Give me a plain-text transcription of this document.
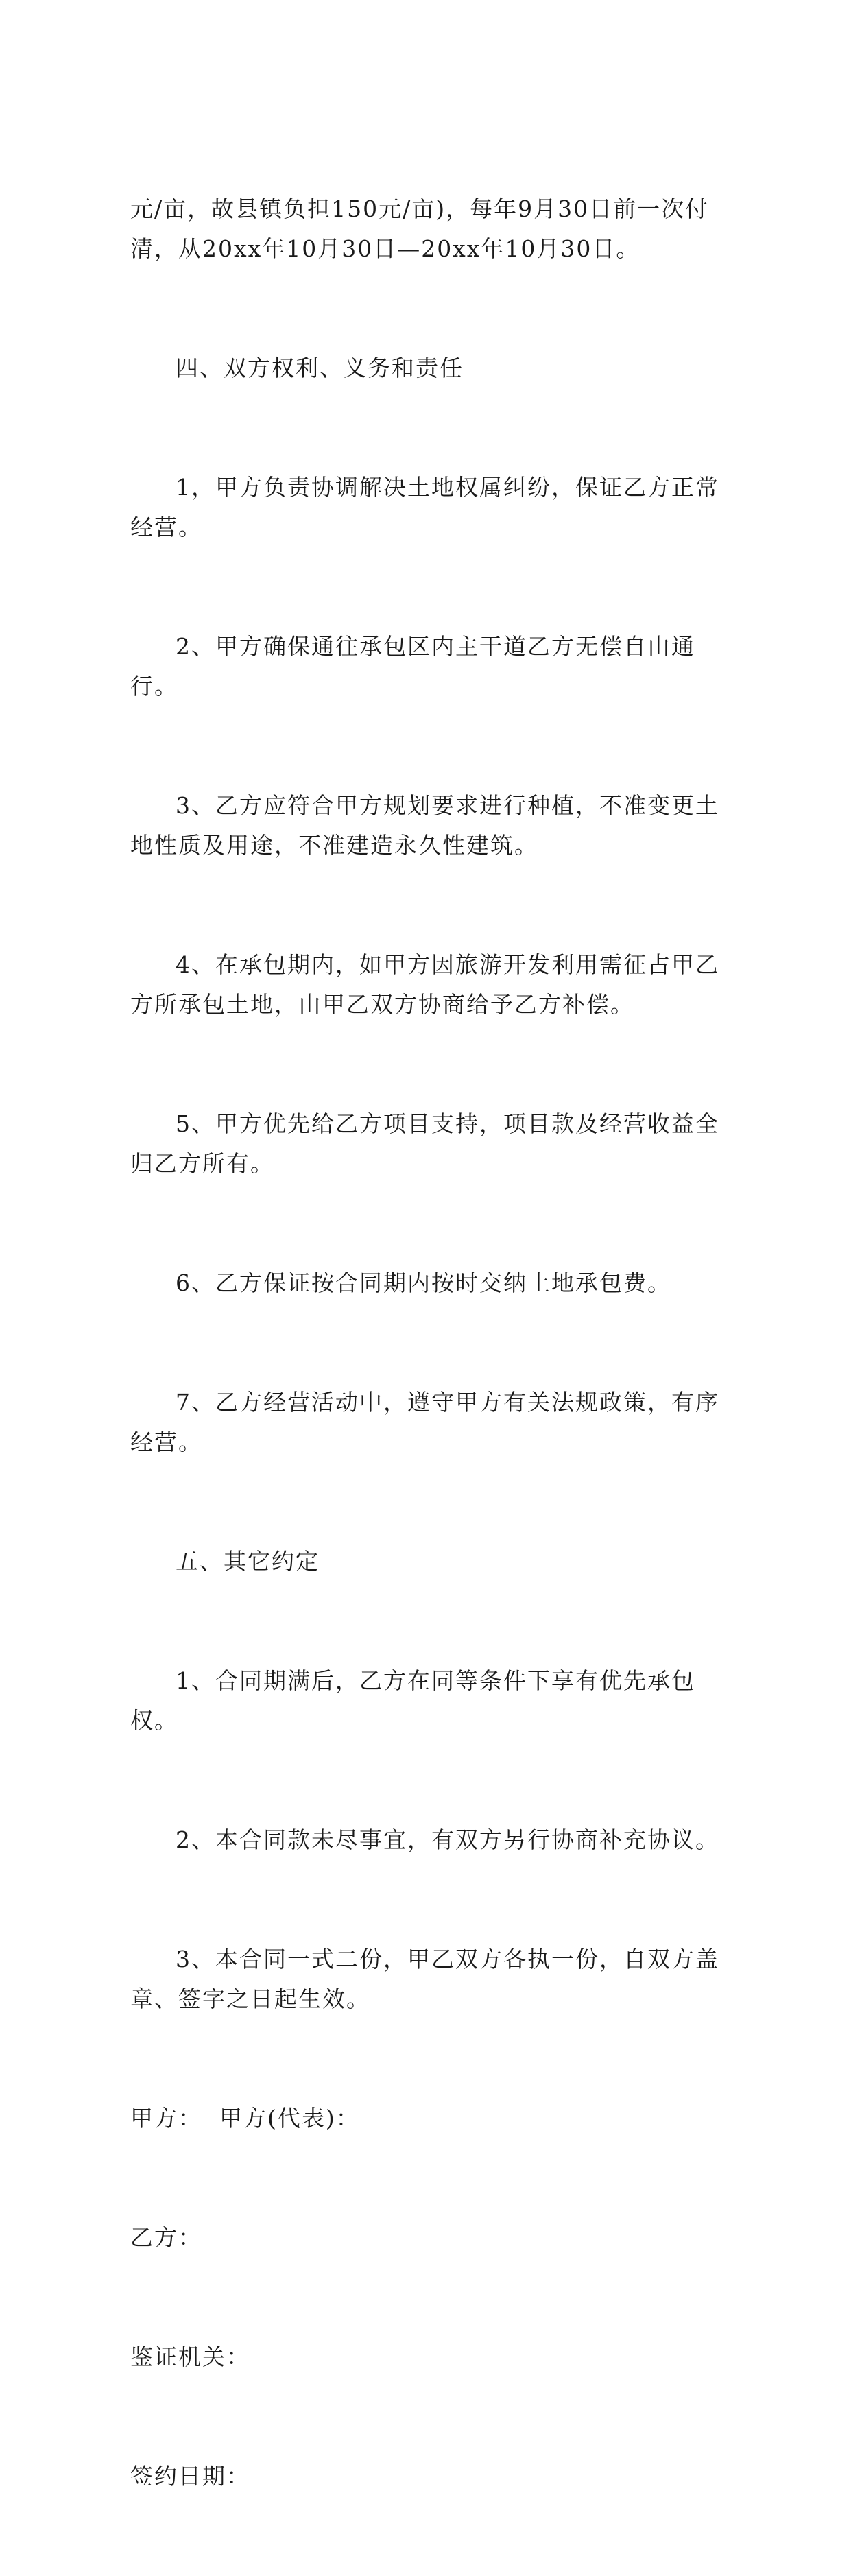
元/亩，故县镇负担150元/亩)，每年9月30日前一次付清，从20xx年10月30日—20xx年10月30日。

四、双方权利、义务和责任

1，甲方负责协调解决土地权属纠纷，保证乙方正常经营。

2、甲方确保通往承包区内主干道乙方无偿自由通行。

3、乙方应符合甲方规划要求进行种植，不准变更土地性质及用途，不准建造永久性建筑。

4、在承包期内，如甲方因旅游开发利用需征占甲乙方所承包土地，由甲乙双方协商给予乙方补偿。

5、甲方优先给乙方项目支持，项目款及经营收益全归乙方所有。

6、乙方保证按合同期内按时交纳土地承包费。

7、乙方经营活动中，遵守甲方有关法规政策，有序经营。

五、其它约定

1、合同期满后，乙方在同等条件下享有优先承包权。

2、本合同款未尽事宜，有双方另行协商补充协议。

3、本合同一式二份，甲乙双方各执一份，自双方盖章、签字之日起生效。

甲方：  甲方(代表)：

乙方：

鉴证机关：

签约日期：
